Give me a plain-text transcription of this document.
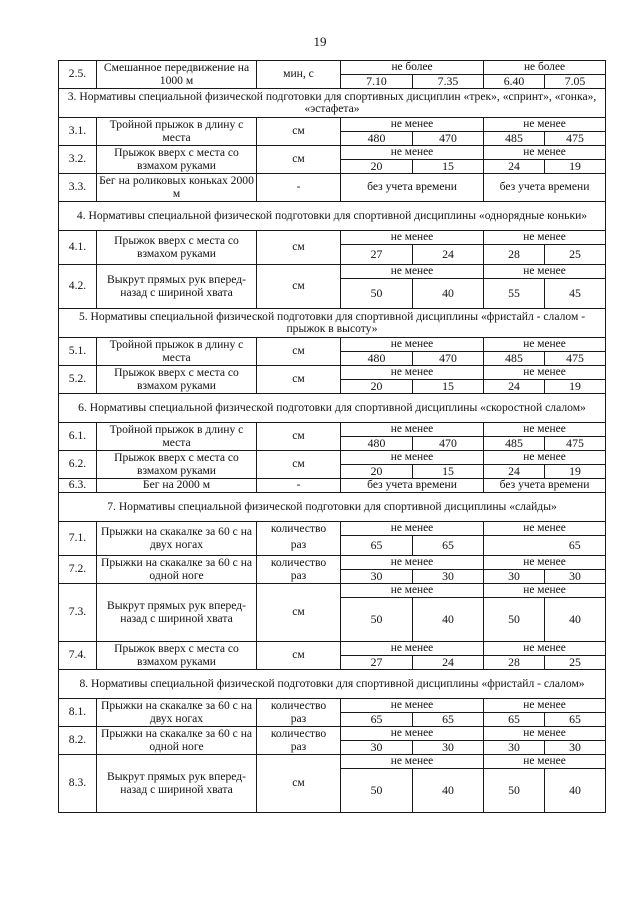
19
2.5.	Смешанное передвижение на 1000 м	мин, с	не более		не более	
			7.10	7.35	6.40	7.05
3. Нормативы специальной физической подготовки для спортивных дисциплин «трек», «спринт», «гонка», «эстафета»						
3.1.	Тройной прыжок в длину с места	см	не менее		не менее	
			480	470	485	475
3.2.	Прыжок вверх с места со взмахом руками	см	не менее		не менее	
			20	15	24	19
3.3.	Бег на роликовых коньках 2000 м	-	без учета времени		без учета времени	
4. Нормативы специальной физической подготовки для спортивной дисциплины «однорядные коньки»						
4.1.	Прыжок вверх с места со взмахом руками	см	не менее		не менее	
			27	24	28	25
4.2.	Выкрут прямых рук вперед-назад с шириной хвата	см	не менее		не менее	
			50	40	55	45
5. Нормативы специальной физической подготовки для спортивной дисциплины «фристайл - слалом - прыжок в высоту»						
5.1.	Тройной прыжок в длину с места	см	не менее		не менее	
			480	470	485	475
5.2.	Прыжок вверх с места со взмахом руками	см	не менее		не менее	
			20	15	24	19
6. Нормативы специальной физической подготовки для спортивной дисциплины «скоростной слалом»						
6.1.	Тройной прыжок в длину с места	см	не менее		не менее	
			480	470	485	475
6.2.	Прыжок вверх с места со взмахом руками	см	не менее		не менее	
			20	15	24	19
6.3.	Бег на 2000 м	-	без учета времени		без учета времени	
7. Нормативы специальной физической подготовки для спортивной дисциплины «слайды»						
7.1.	Прыжки на скакалке за 60 с на двух ногах	количество	не менее		не менее	
		раз	65	65		65
7.2.	Прыжки на скакалке за 60 с на одной ноге	количество	не менее		не менее	
		раз	30	30	30	30
7.3.	Выкрут прямых рук вперед-назад с шириной хвата	см	не менее		не менее	
			50	40	50	40
7.4.	Прыжок вверх с места со взмахом руками	см	не менее		не менее	
			27	24	28	25
8. Нормативы специальной физической подготовки для спортивной дисциплины «фристайл - слалом»						
8.1.	Прыжки на скакалке за 60 с на двух ногах	количество	не менее		не менее	
		раз	65	65	65	65
8.2.	Прыжки на скакалке за 60 с на одной ноге	количество	не менее		не менее	
		раз	30	30	30	30
8.3.	Выкрут прямых рук вперед-назад с шириной хвата	см	не менее		не менее	
			50	40	50	40
